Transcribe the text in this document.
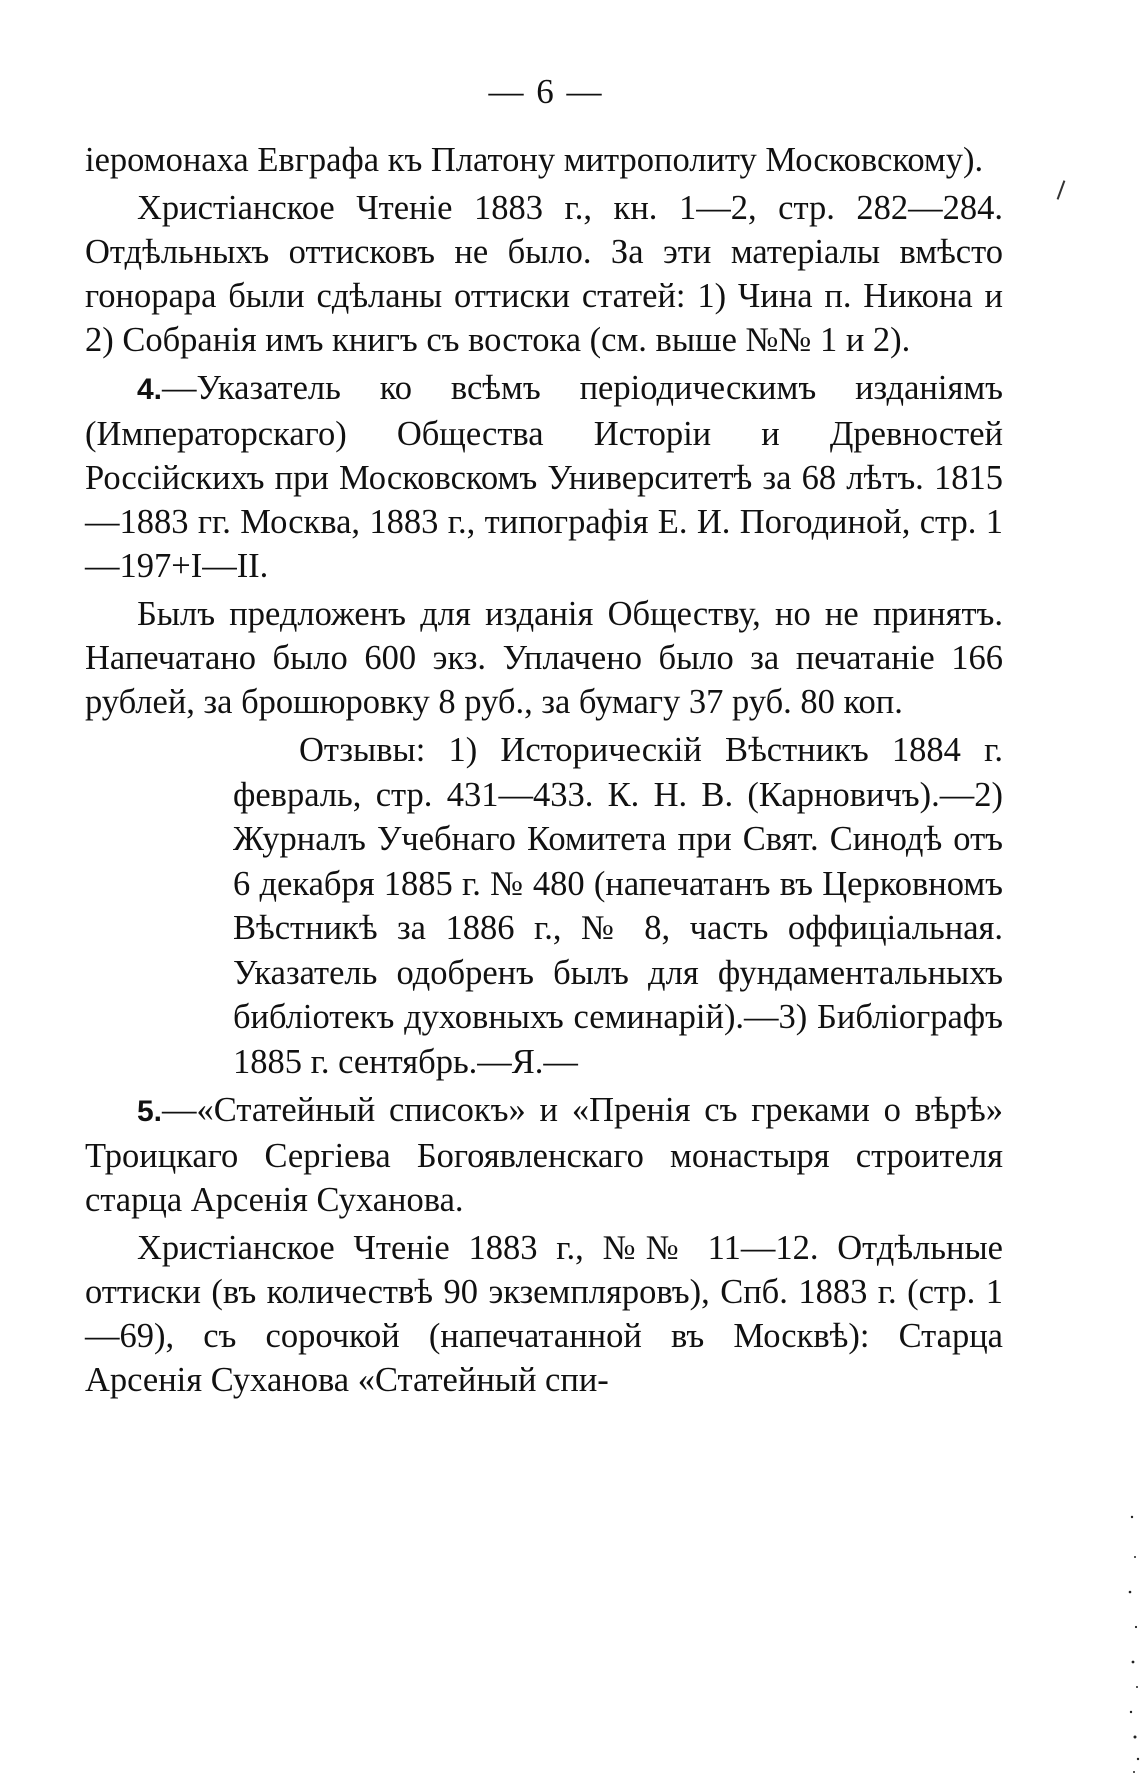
— 6 —

іеромонаха Евграфа къ Платону митрополиту Московскому).

Христіанское Чтеніе 1883 г., кн. 1—2, стр. 282—284. Отдѣльныхъ оттисковъ не было. За эти матеріалы вмѣсто гонорара были сдѣланы оттиски статей: 1) Чина п. Никона и 2) Собранія имъ книгъ съ востока (см. выше №№ 1 и 2).

4.—Указатель ко всѣмъ періодическимъ изданіямъ (Императорскаго) Общества Исторіи и Древностей Россійскихъ при Московскомъ Университетѣ за 68 лѣтъ. 1815—1883 гг. Москва, 1883 г., типографія Е. И. Погодиной, стр. 1—197+I—II.

Былъ предложенъ для изданія Обществу, но не принятъ. Напечатано было 600 экз. Уплачено было за печатаніе 166 рублей, за брошюровку 8 руб., за бумагу 37 руб. 80 коп.

Отзывы: 1) Историческій Вѣстникъ 1884 г. февраль, стр. 431—433. К. Н. В. (Карновичъ).—2) Журналъ Учебнаго Комитета при Свят. Синодѣ отъ 6 декабря 1885 г. № 480 (напечатанъ въ Церковномъ Вѣстникѣ за 1886 г., № 8, часть оффиціальная. Указатель одобренъ былъ для фундаментальныхъ библіотекъ духовныхъ семинарій).—3) Библіографъ 1885 г. сентябрь.—Я.—

5.—«Статейный списокъ» и «Пренія съ греками о вѣрѣ» Троицкаго Сергіева Богоявленскаго монастыря строителя старца Арсенія Суханова.

Христіанское Чтеніе 1883 г., №№ 11—12. Отдѣльные оттиски (въ количествѣ 90 экземпляровъ), Спб. 1883 г. (стр. 1—69), съ сорочкой (напечатанной въ Москвѣ): Старца Арсенія Суханова «Статейный спи-
